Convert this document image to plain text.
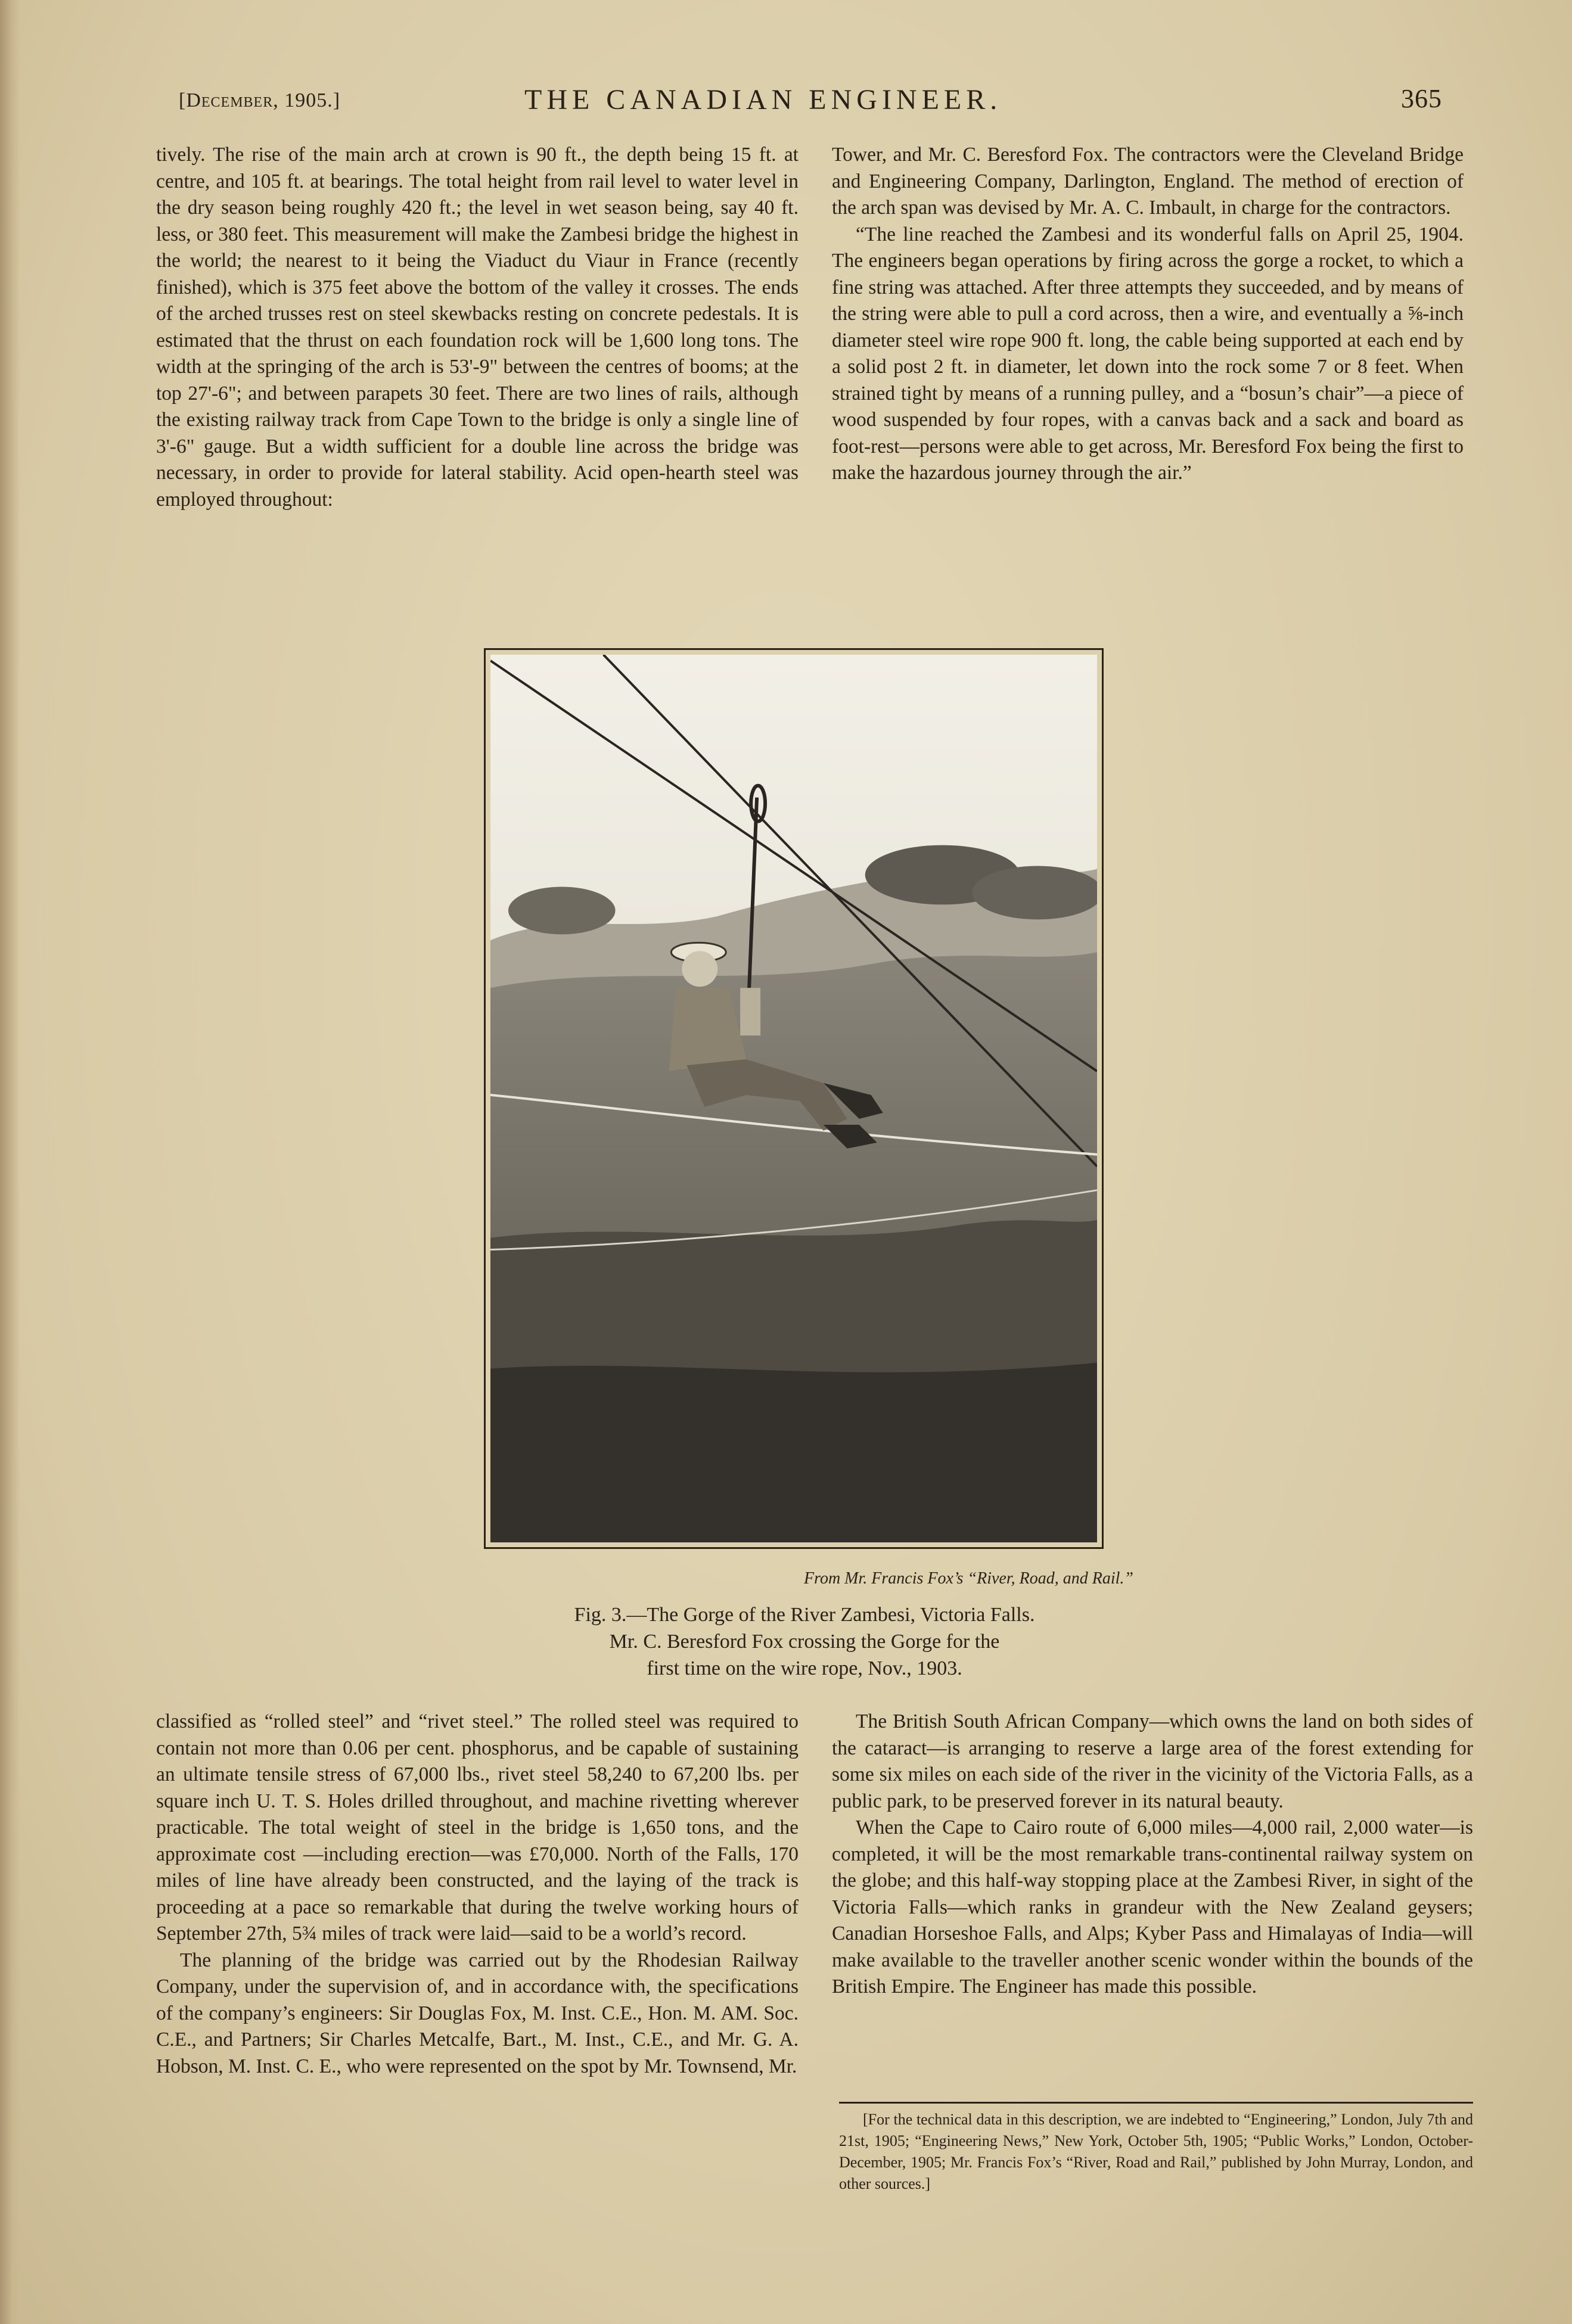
[December, 1905.]	THE CANADIAN ENGINEER.	365

tively. The rise of the main arch at crown is 90 ft., the depth being 15 ft. at centre, and 105 ft. at bearings. The total height from rail level to water level in the dry season being roughly 420 ft.; the level in wet season being, say 40 ft. less, or 380 feet. This measurement will make the Zambesi bridge the highest in the world; the nearest to it being the Viaduct du Viaur in France (recently finished), which is 375 feet above the bottom of the valley it crosses. The ends of the arched trusses rest on steel skewbacks resting on concrete pedestals. It is estimated that the thrust on each foundation rock will be 1,600 long tons. The width at the springing of the arch is 53'-9" between the centres of booms; at the top 27'-6"; and between parapets 30 feet. There are two lines of rails, although the existing railway track from Cape Town to the bridge is only a single line of 3'-6" gauge. But a width sufficient for a double line across the bridge was necessary, in order to provide for lateral stability. Acid open-hearth steel was employed throughout:

Tower, and Mr. C. Beresford Fox. The contractors were the Cleveland Bridge and Engineering Company, Darlington, England. The method of erection of the arch span was devised by Mr. A. C. Imbault, in charge for the contractors.

“The line reached the Zambesi and its wonderful falls on April 25, 1904. The engineers began operations by firing across the gorge a rocket, to which a fine string was attached. After three attempts they succeeded, and by means of the string were able to pull a cord across, then a wire, and eventually a ⅝-inch diameter steel wire rope 900 ft. long, the cable being supported at each end by a solid post 2 ft. in diameter, let down into the rock some 7 or 8 feet. When strained tight by means of a running pulley, and a “bosun’s chair”—a piece of wood suspended by four ropes, with a canvas back and a sack and board as foot-rest—persons were able to get across, Mr. Beresford Fox being the first to make the hazardous journey through the air.”

From Mr. Francis Fox’s “River, Road, and Rail.”
Fig. 3.—The Gorge of the River Zambesi, Victoria Falls.
Mr. C. Beresford Fox crossing the Gorge for the
first time on the wire rope, Nov., 1903.

classified as “rolled steel” and “rivet steel.” The rolled steel was required to contain not more than 0.06 per cent. phosphorus, and be capable of sustaining an ultimate tensile stress of 67,000 lbs., rivet steel 58,240 to 67,200 lbs. per square inch U. T. S. Holes drilled throughout, and machine rivetting wherever practicable. The total weight of steel in the bridge is 1,650 tons, and the approximate cost —including erection—was £70,000. North of the Falls, 170 miles of line have already been constructed, and the laying of the track is proceeding at a pace so remarkable that during the twelve working hours of September 27th, 5¾ miles of track were laid—said to be a world’s record.

The planning of the bridge was carried out by the Rhodesian Railway Company, under the supervision of, and in accordance with, the specifications of the company’s engineers: Sir Douglas Fox, M. Inst. C.E., Hon. M. AM. Soc. C.E., and Partners; Sir Charles Metcalfe, Bart., M. Inst., C.E., and Mr. G. A. Hobson, M. Inst. C. E., who were represented on the spot by Mr. Townsend, Mr.

The British South African Company—which owns the land on both sides of the cataract—is arranging to reserve a large area of the forest extending for some six miles on each side of the river in the vicinity of the Victoria Falls, as a public park, to be preserved forever in its natural beauty.

When the Cape to Cairo route of 6,000 miles—4,000 rail, 2,000 water—is completed, it will be the most remarkable trans-continental railway system on the globe; and this half-way stopping place at the Zambesi River, in sight of the Victoria Falls—which ranks in grandeur with the New Zealand geysers; Canadian Horseshoe Falls, and Alps; Kyber Pass and Himalayas of India—will make available to the traveller another scenic wonder within the bounds of the British Empire. The Engineer has made this possible.

[For the technical data in this description, we are indebted to “Engineering,” London, July 7th and 21st, 1905; “Engineering News,” New York, October 5th, 1905; “Public Works,” London, October-December, 1905; Mr. Francis Fox’s “River, Road and Rail,” published by John Murray, London, and other sources.]
